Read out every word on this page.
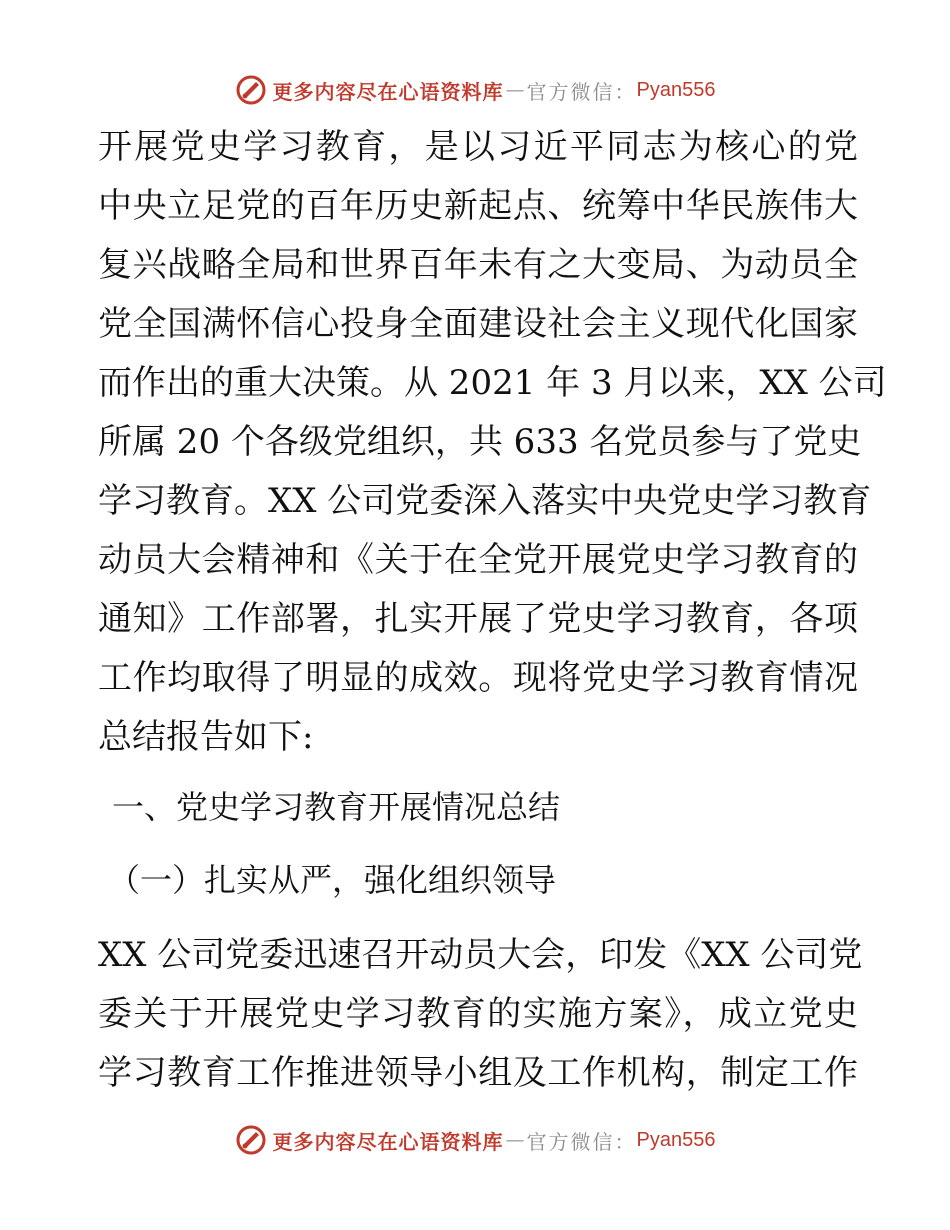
更多内容尽在心语资料库 — 官方微信： Pyan556
开展党史学习教育，是以习近平同志为核心的党
中央立足党的百年历史新起点、统筹中华民族伟大
复兴战略全局和世界百年未有之大变局、为动员全
党全国满怀信心投身全面建设社会主义现代化国家
而作出的重大决策。从 2021 年 3 月以来，XX 公司
所属 20 个各级党组织，共 633 名党员参与了党史
学习教育。XX 公司党委深入落实中央党史学习教育
动员大会精神和《关于在全党开展党史学习教育的
通知》工作部署，扎实开展了党史学习教育，各项
工作均取得了明显的成效。现将党史学习教育情况
总结报告如下:
一、党史学习教育开展情况总结
（一）扎实从严，强化组织领导
XX 公司党委迅速召开动员大会，印发《XX 公司党
委关于开展党史学习教育的实施方案》，成立党史
学习教育工作推进领导小组及工作机构，制定工作
更多内容尽在心语资料库 — 官方微信： Pyan556
